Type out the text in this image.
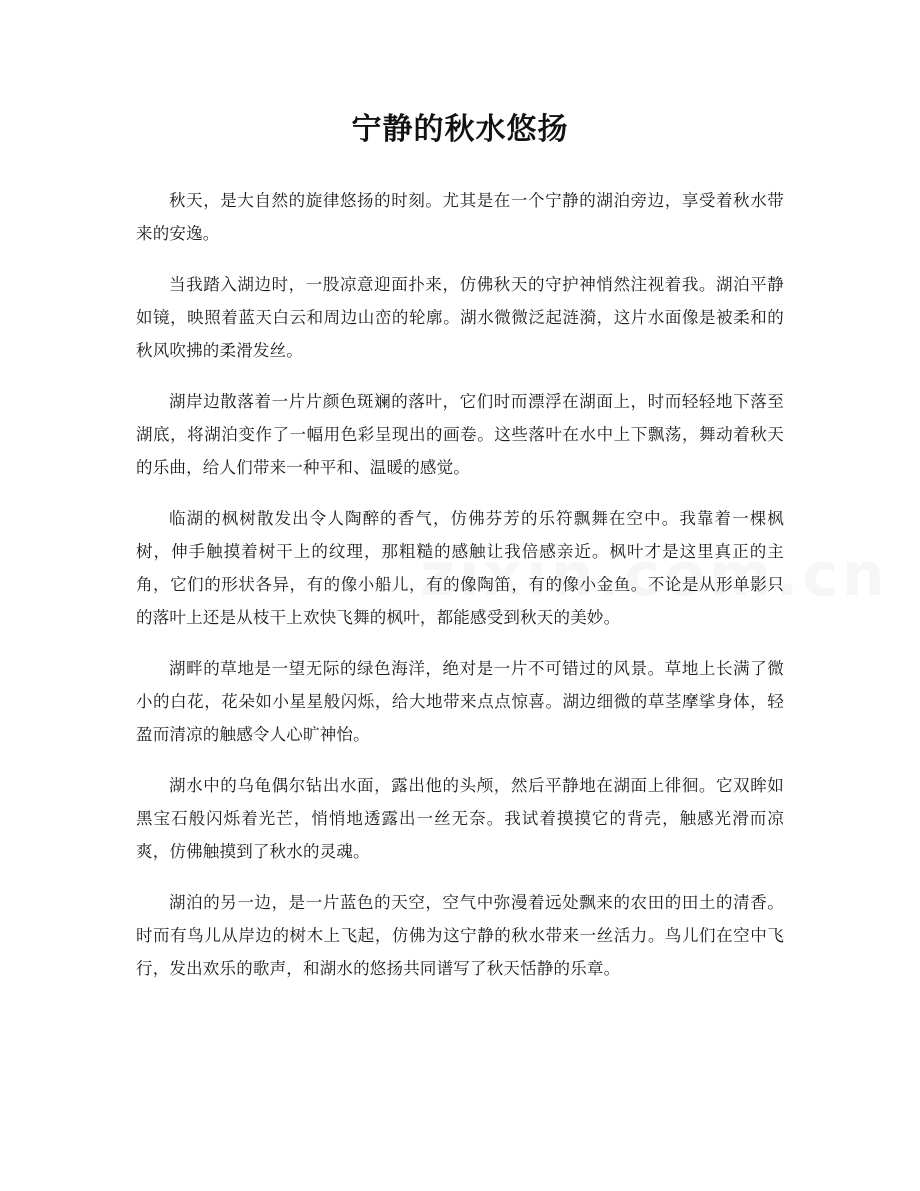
宁静的秋水悠扬

秋天，是大自然的旋律悠扬的时刻。尤其是在一个宁静的湖泊旁边，享受着秋水带来的安逸。

当我踏入湖边时，一股凉意迎面扑来，仿佛秋天的守护神悄然注视着我。湖泊平静如镜，映照着蓝天白云和周边山峦的轮廓。湖水微微泛起涟漪，这片水面像是被柔和的秋风吹拂的柔滑发丝。

湖岸边散落着一片片颜色斑斓的落叶，它们时而漂浮在湖面上，时而轻轻地下落至湖底，将湖泊变作了一幅用色彩呈现出的画卷。这些落叶在水中上下飘荡，舞动着秋天的乐曲，给人们带来一种平和、温暖的感觉。

临湖的枫树散发出令人陶醉的香气，仿佛芬芳的乐符飘舞在空中。我靠着一棵枫树，伸手触摸着树干上的纹理，那粗糙的感触让我倍感亲近。枫叶才是这里真正的主角，它们的形状各异，有的像小船儿，有的像陶笛，有的像小金鱼。不论是从形单影只的落叶上还是从枝干上欢快飞舞的枫叶，都能感受到秋天的美妙。

湖畔的草地是一望无际的绿色海洋，绝对是一片不可错过的风景。草地上长满了微小的白花，花朵如小星星般闪烁，给大地带来点点惊喜。湖边细微的草茎摩挲身体，轻盈而清凉的触感令人心旷神怡。

湖水中的乌龟偶尔钻出水面，露出他的头颅，然后平静地在湖面上徘徊。它双眸如黑宝石般闪烁着光芒，悄悄地透露出一丝无奈。我试着摸摸它的背壳，触感光滑而凉爽，仿佛触摸到了秋水的灵魂。

湖泊的另一边，是一片蓝色的天空，空气中弥漫着远处飘来的农田的田土的清香。时而有鸟儿从岸边的树木上飞起，仿佛为这宁静的秋水带来一丝活力。鸟儿们在空中飞行，发出欢乐的歌声，和湖水的悠扬共同谱写了秋天恬静的乐章。
